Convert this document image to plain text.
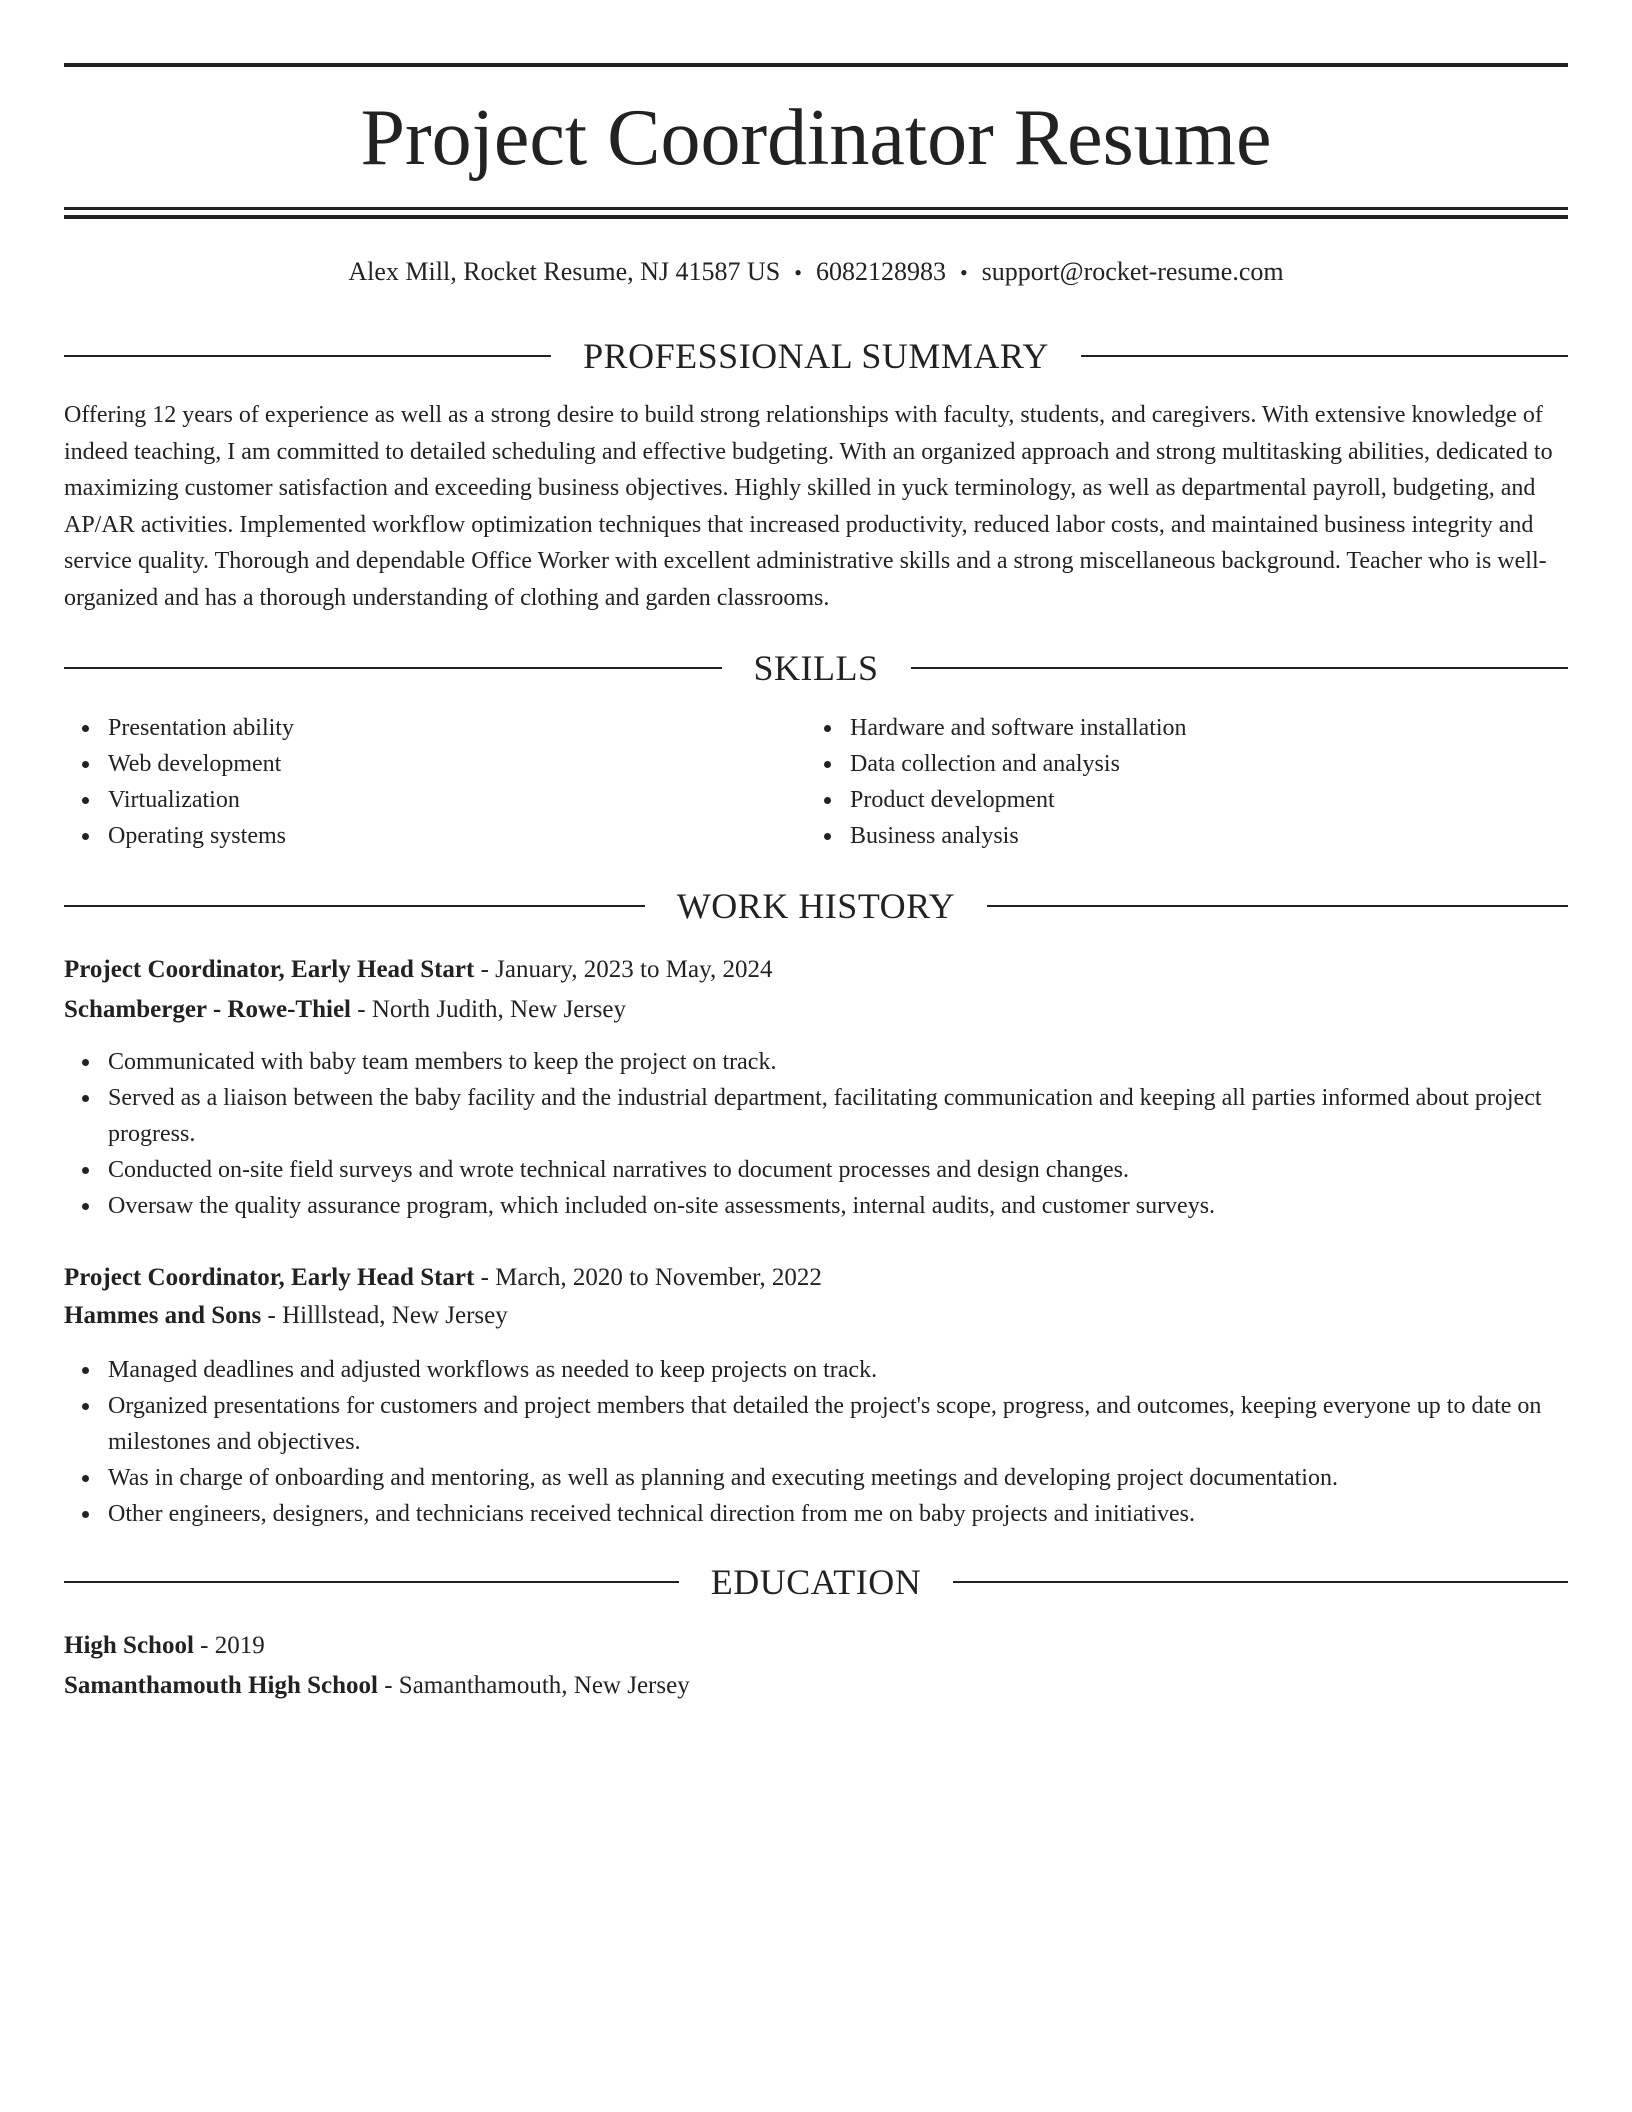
Project Coordinator Resume
Alex Mill, Rocket Resume, NJ 41587 US • 6082128983 • support@rocket-resume.com
PROFESSIONAL SUMMARY

Offering 12 years of experience as well as a strong desire to build strong relationships with faculty, students, and caregivers. With extensive knowledge of indeed teaching, I am committed to detailed scheduling and effective budgeting. With an organized approach and strong multitasking abilities, dedicated to maximizing customer satisfaction and exceeding business objectives. Highly skilled in yuck terminology, as well as departmental payroll, budgeting, and AP/AR activities. Implemented workflow optimization techniques that increased productivity, reduced labor costs, and maintained business integrity and service quality. Thorough and dependable Office Worker with excellent administrative skills and a strong miscellaneous background. Teacher who is well-organized and has a thorough understanding of clothing and garden classrooms.

SKILLS
Presentation ability
Web development
Virtualization
Operating systems
Hardware and software installation
Data collection and analysis
Product development
Business analysis
WORK HISTORY
Project Coordinator, Early Head Start - January, 2023 to May, 2024
Schamberger - Rowe-Thiel - North Judith, New Jersey
Communicated with baby team members to keep the project on track.
Served as a liaison between the baby facility and the industrial department, facilitating communication and keeping all parties informed about project progress.
Conducted on-site field surveys and wrote technical narratives to document processes and design changes.
Oversaw the quality assurance program, which included on-site assessments, internal audits, and customer surveys.
Project Coordinator, Early Head Start - March, 2020 to November, 2022
Hammes and Sons - Hilllstead, New Jersey
Managed deadlines and adjusted workflows as needed to keep projects on track.
Organized presentations for customers and project members that detailed the project's scope, progress, and outcomes, keeping everyone up to date on milestones and objectives.
Was in charge of onboarding and mentoring, as well as planning and executing meetings and developing project documentation.
Other engineers, designers, and technicians received technical direction from me on baby projects and initiatives.
EDUCATION
High School - 2019
Samanthamouth High School - Samanthamouth, New Jersey
